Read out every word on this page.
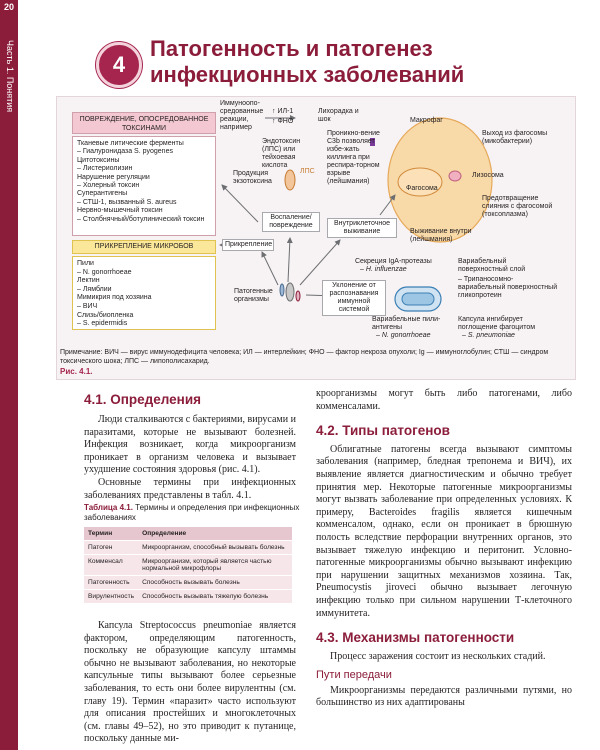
20
Часть 1. Понятия	4
Патогенность и патогенез
инфекционных заболеваний
ПОВРЕЖДЕНИЕ, ОПОСРЕДОВАННОЕ ТОКСИНАМИ
Тканевые литические ферменты
– Гиалуронидаза S. pyogenes
Цитотоксины
– Листериолизин
Нарушение регуляции
– Холерный токсин
Суперантигены
– СТШ-1, вызванный S. aureus
Нервно-мышечный токсин
– Столбнячный/ботулинический токсин
ПРИКРЕПЛЕНИЕ МИКРОБОВ
Пили
– N. gonorrhoeae
Лектин
– Лямблии
Мимикрия под хозяина
– ВИЧ
Слизь/биопленка
– S. epidermidis
Иммуноопо-средованные реакции, например
↑ ИЛ-1
↑ ФНО
Лихорадка и шок
Эндотоксин (ЛПС) или тейхоевая кислота
ЛПС
Продукция экзотоксина
Воспаление/ повреждение
Проникно-вение C3b позволяет избе-жать киллинга при респира-торном взрыве (лейшмания)
Макрофаг
Фагосома
Лизосома
Выход из фагосомы (микобактерии)
Предотвращение слияния с фагосомой (токсоплазма)
Выживание внутри (лейшмания)
Внутриклеточное выживание
Прикрепление
Патогенные организмы
Секреция IgA-протеазы
– H. influenzae
Уклонение от распознавания иммунной системой
Вариабельный поверхностный слой
– Трипаносомно-вариабельный поверхностный гликопротеин
Вариабельные пили-антигены
– N. gonorrhoeae
Капсула ингибирует поглощение фагоцитом
– S. pneumoniae
Примечание: ВИЧ — вирус иммунодефицита человека; ИЛ — интерлейкин; ФНО — фактор некроза опухоли; Ig — иммуноглобулин; СТШ — синдром токсического шока; ЛПС — липополисахарид.
Рис. 4.1.
4.1. Определения

Люди сталкиваются с бактериями, вирусами и паразитами, которые не вызывают болезней. Инфекция возникает, когда микроорганизм проникает в организм человека и вызывает ухудшение состояния здоровья (рис. 4.1).

Основные термины при инфекционных заболеваниях представлены в табл. 4.1.

Таблица 4.1. Термины и определения при инфекционных заболеваниях
Термин	Определение
Патоген	Микроорганизм, способный вызывать болезнь
Комменсал	Микроорганизм, который является частью нормальной микрофлоры
Патогенность	Способность вызывать болезнь
Вирулентность	Способность вызывать тяжелую болезнь

Капсула Streptococcus pneumoniae является фактором, определяющим патогенность, поскольку не образующие капсулу штаммы обычно не вызывают заболевания, но некоторые капсульные типы вызывают более серьезные заболевания, то есть они более вирулентны (см. главу 19). Термин «паразит» часто используют для описания простейших и многоклеточных (см. главы 49–52), но это приводит к путанице, поскольку данные ми-

кроорганизмы могут быть либо патогенами, либо комменсалами.

4.2. Типы патогенов

Облигатные патогены всегда вызывают симптомы заболевания (например, бледная трепонема и ВИЧ), их выявление является диагностическим и обычно требует принятия мер. Некоторые патогенные микроорганизмы могут вызвать заболевание при определенных условиях. К примеру, Bacteroides fragilis является кишечным комменсалом, однако, если он проникает в брюшную полость вследствие перфорации внутренних органов, это вызывает тяжелую инфекцию и перитонит. Условно-патогенные микроорганизмы обычно вызывают инфекцию при нарушении защитных механизмов хозяина. Так, Pneumocystis jiroveci обычно вызывает легочную инфекцию только при сильном нарушении Т-клеточного иммунитета.

4.3. Механизмы патогенности

Процесс заражения состоит из нескольких стадий.

Пути передачи

Микроорганизмы передаются различными путями, но большинство из них адаптированы
